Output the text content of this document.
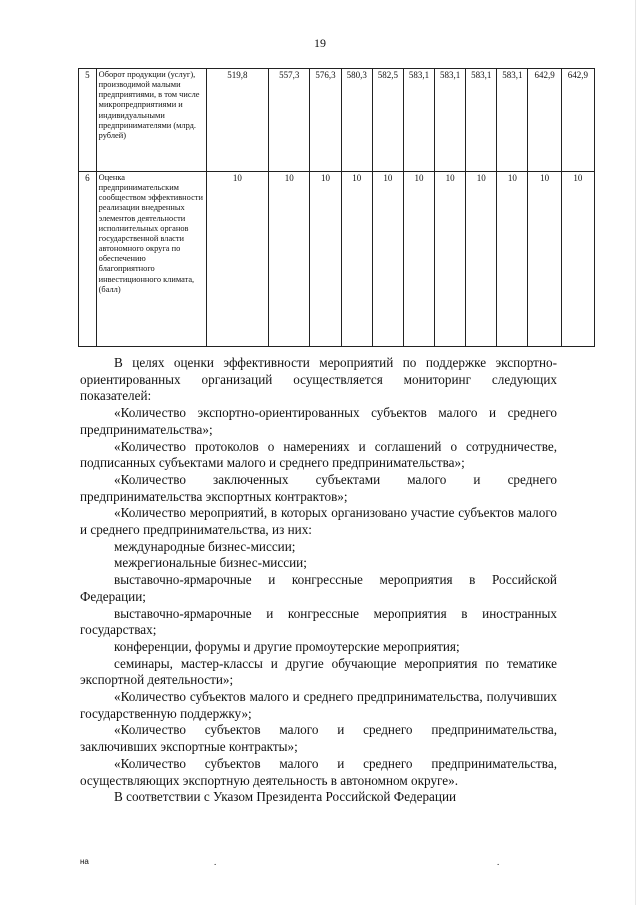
19
5	Оборот продукции (услуг), производимой малыми предприятиями, в том числе микропредприятиями и индивидуальными предпринимателями (млрд. рублей)	519,8	557,3	576,3	580,3	582,5	583,1	583,1	583,1	583,1	642,9	642,9
6	Оценка предпринимательским сообществом эффективности реализации внедренных элементов деятельности исполнительных органов государственной власти автономного округа по обеспечению благоприятного инвестиционного климата, (балл)	10	10	10	10	10	10	10	10	10	10	10

В целях оценки эффективности мероприятий по поддержке экспортно-ориентированных организаций осуществляется мониторинг следующих показателей:

«Количество экспортно-ориентированных субъектов малого и среднего предпринимательства»;

«Количество протоколов о намерениях и соглашений о сотрудничестве, подписанных субъектами малого и среднего предпринимательства»;

«Количество заключенных субъектами малого и среднего предпринимательства экспортных контрактов»;

«Количество мероприятий, в которых организовано участие субъектов малого и среднего предпринимательства, из них:

международные бизнес-миссии;

межрегиональные бизнес-миссии;

выставочно-ярмарочные и конгрессные мероприятия в Российской Федерации;

выставочно-ярмарочные и конгрессные мероприятия в иностранных государствах;

конференции, форумы и другие промоутерские мероприятия;

семинары, мастер-классы и другие обучающие мероприятия по тематике экспортной деятельности»;

«Количество субъектов малого и среднего предпринимательства, получивших государственную поддержку»;

«Количество субъектов малого и среднего предпринимательства, заключивших экспортные контракты»;

«Количество субъектов малого и среднего предпринимательства, осуществляющих экспортную деятельность в автономном округе».

В соответствии с Указом Президента Российской Федерации

на	.	.
